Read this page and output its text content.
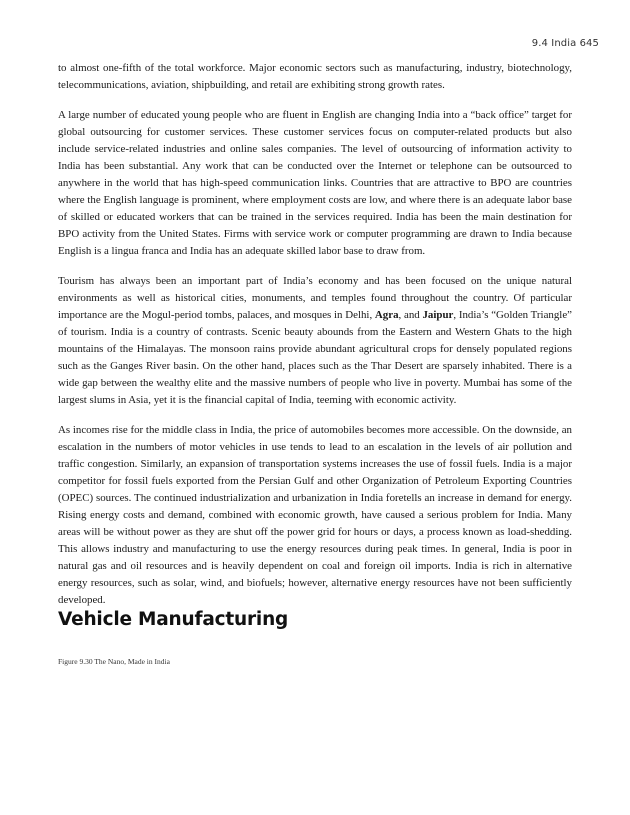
9.4 India 645

to almost one-fifth of the total workforce. Major economic sectors such as manufacturing, industry, biotechnology, telecommunications, aviation, shipbuilding, and retail are exhibiting strong growth rates.

A large number of educated young people who are fluent in English are changing India into a “back office” target for global outsourcing for customer services. These customer services focus on computer-related products but also include service-related industries and online sales companies. The level of outsourcing of information activity to India has been substantial. Any work that can be conducted over the Internet or telephone can be outsourced to anywhere in the world that has high-speed communication links. Countries that are attractive to BPO are countries where the English language is prominent, where employment costs are low, and where there is an adequate labor base of skilled or educated workers that can be trained in the services required. India has been the main destination for BPO activity from the United States. Firms with service work or computer programming are drawn to India because English is a lingua franca and India has an adequate skilled labor base to draw from.

Tourism has always been an important part of India’s economy and has been focused on the unique natural environments as well as historical cities, monuments, and temples found throughout the country. Of particular importance are the Mogul-period tombs, palaces, and mosques in Delhi, Agra, and Jaipur, India’s “Golden Triangle” of tourism. India is a country of contrasts. Scenic beauty abounds from the Eastern and Western Ghats to the high mountains of the Himalayas. The monsoon rains provide abundant agricultural crops for densely populated regions such as the Ganges River basin. On the other hand, places such as the Thar Desert are sparsely inhabited. There is a wide gap between the wealthy elite and the massive numbers of people who live in poverty. Mumbai has some of the largest slums in Asia, yet it is the financial capital of India, teeming with economic activity.

As incomes rise for the middle class in India, the price of automobiles becomes more accessible. On the downside, an escalation in the numbers of motor vehicles in use tends to lead to an escalation in the levels of air pollution and traffic congestion. Similarly, an expansion of transportation systems increases the use of fossil fuels. India is a major competitor for fossil fuels exported from the Persian Gulf and other Organization of Petroleum Exporting Countries (OPEC) sources. The continued industrialization and urbanization in India foretells an increase in demand for energy. Rising energy costs and demand, combined with economic growth, have caused a serious problem for India. Many areas will be without power as they are shut off the power grid for hours or days, a process known as load-shedding. This allows industry and manufacturing to use the energy resources during peak times. In general, India is poor in natural gas and oil resources and is heavily dependent on coal and foreign oil imports. India is rich in alternative energy resources, such as solar, wind, and biofuels; however, alternative energy resources have not been sufficiently developed.

Vehicle Manufacturing
Figure 9.30 The Nano, Made in India
